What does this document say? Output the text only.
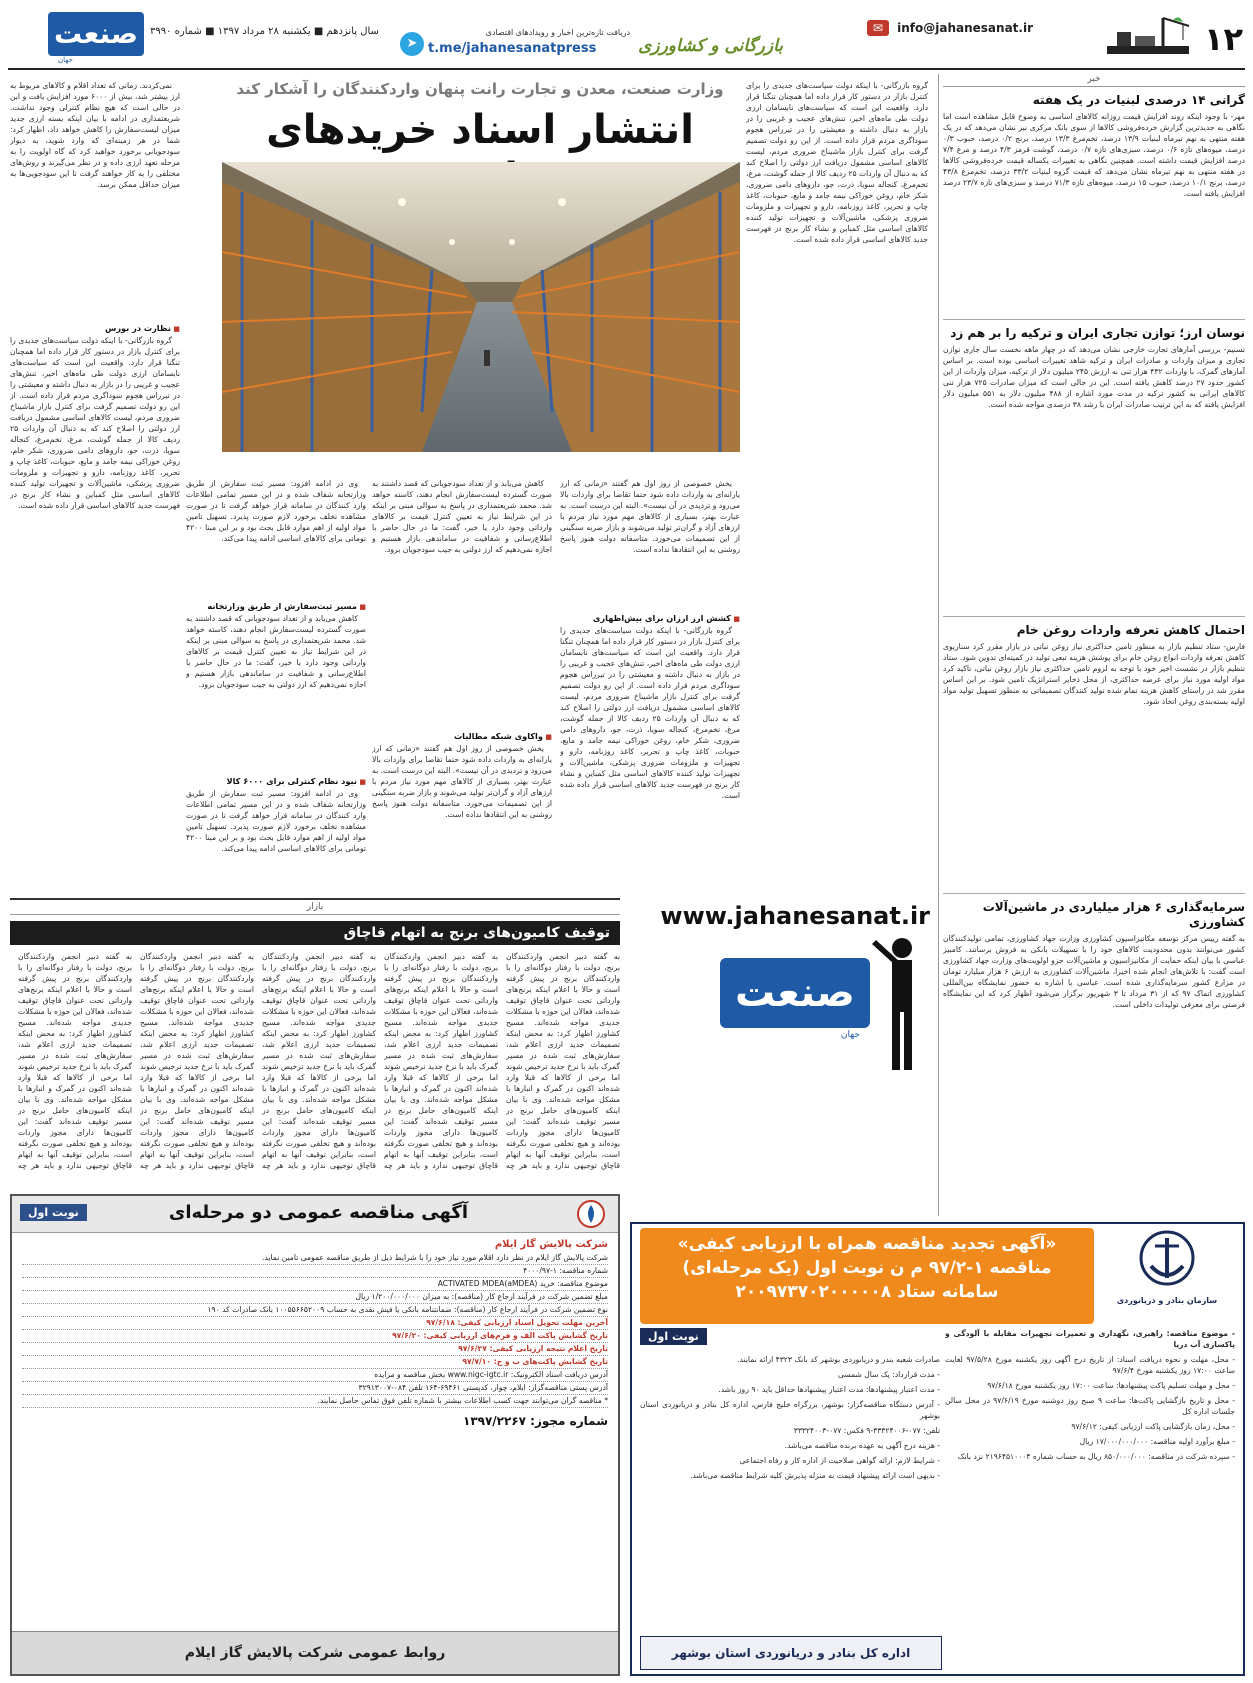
۱۲
بازرگانی و کشاورزی
✉ info@jahanesanat.ir
➤
دریافت تازه‌ترین اخبار و رویدادهای اقتصادی
t.me/jahanesanatpress
سال پانزدهم ■ یکشنبه ۲۸ مرداد ۱۳۹۷ ■ شماره ۳۹۹۰
صنعت
جهان
خبر
گرانی ۱۴ درصدی لبنیات در یک هفته
مهر- با وجود اینکه روند افزایش قیمت روزانه کالاهای اساسی به وضوح قابل مشاهده است اما نگاهی به جدیدترین گزارش خرده‌فروشی کالاها از سوی بانک مرکزی نیز نشان می‌دهد که در یک هفته منتهی به نهم تیرماه لبنیات ۱۳/۹ درصد، تخم‌مرغ ۱۳/۳ درصد، برنج ۰/۲ درصد، حبوب ۰/۳ درصد، میوه‌های تازه ۰/۶ درصد، سبزی‌های تازه ۰/۷ درصد، گوشت قرمز ۴/۳ درصد و مرغ ۷/۴ درصد افزایش قیمت داشته است. همچنین نگاهی به تغییرات یکساله قیمت خرده‌فروشی کالاها در هفته منتهی به نهم تیرماه نشان می‌دهد که قیمت گروه لبنیات ۳۳/۲ درصد، تخم‌مرغ ۴۳/۸ درصد، برنج ۱۰/۱ درصد، حبوب ۱۵ درصد، میوه‌های تازه ۷۱/۳ درصد و سبزی‌های تازه ۲۳/۷ درصد افزایش یافته است.
نوسان ارز؛ توازن تجاری ایران و ترکیه را بر هم زد
تسنیم- بررسی آمارهای تجارت خارجی نشان می‌دهد که در چهار ماهه نخست سال جاری توازن تجاری و میزان واردات و صادرات ایران و ترکیه شاهد تغییرات اساسی بوده است. بر اساس آمارهای گمرک، با واردات ۴۳۲ هزار تنی به ارزش ۲۴۵ میلیون دلار از ترکیه، میزان واردات از این کشور حدود ۲۷ درصد کاهش یافته است. این در حالی است که میزان صادرات ۷۲۵ هزار تنی کالاهای ایرانی به کشور ترکیه در مدت مورد اشاره از ۴۸۸ میلیون دلار به ۵۵۱ میلیون دلار افزایش یافته که به این ترتیب صادرات ایران با رشد ۳۸ درصدی مواجه شده است.
احتمال کاهش تعرفه واردات روغن خام
فارس- ستاد تنظیم بازار به منظور تامین حداکثری نیاز روغن نباتی در بازار مقرر کرد سناریوی کاهش تعرفه واردات انواع روغن خام برای پوشش هزینه تبعی تولید در کمیته‌ای تدوین شود. ستاد تنظیم بازار در نشست اخیر خود با توجه به لزوم تامین حداکثری نیاز بازار روغن نباتی، تاکید کرد مواد اولیه مورد نیاز برای عرضه حداکثری، از محل ذخایر استراتژیک تامین شود. بر این اساس مقرر شد در راستای کاهش هزینه تمام شده تولید کنندگان تصمیماتی به منظور تسهیل تولید مواد اولیه بسته‌بندی روغن اتخاذ شود.
سرمایه‌گذاری ۶ هزار میلیاردی در ماشین‌آلات کشاورزی
به گفته رییس مرکز توسعه مکانیزاسیون کشاورزی وزارت جهاد کشاورزی، تمامی تولیدکنندگان کشور می‌توانند بدون محدودیت کالاهای خود را با تسهیلات بانکی به فروش برسانند. کامبیز عباسی با بیان اینکه حمایت از مکانیزاسیون و ماشین‌آلات جزو اولویت‌های وزارت جهاد کشاورزی است گفت: با تلاش‌های انجام شده اخیرا، ماشین‌آلات کشاورزی به ارزش ۶ هزار میلیارد تومان در مزارع کشور سرمایه‌گذاری شده است. عباسی با اشاره به حضور نمایشگاه بین‌المللی کشاورزی اتماک ۹۷ که از ۳۱ مرداد تا ۳ شهریور برگزار می‌شود اظهار کرد که این نمایشگاه فرصتی برای معرفی تولیدات داخلی است.
وزارت صنعت، معدن و تجارت رانت پنهان واردکنندگان را آشکار کند
انتشار اسناد خریدهای
گروه بازرگانی- با اینکه دولت سیاست‌های جدیدی را برای کنترل بازار در دستور کار قرار داده اما همچنان تنگنا قرار دارد. واقعیت این است که سیاست‌های نابسامان ارزی دولت طی ماه‌های اخیر، تنش‌های عجیب و غریبی را در بازار به دنبال داشته و معیشتی را در تیرراس هجوم سوداگری مردم قرار داده است. از این رو دولت تصمیم گرفت برای کنترل بازار ماشیناخ ضروری مردم، لیست کالاهای اساسی مشمول دریافت ارز دولتی را اصلاح کند که به دنبال آن واردات ۲۵ ردیف کالا از جمله گوشت، مرغ، تخم‌مرغ، کنجاله سویا، ذرت، جو، داروهای دامی ضروری، شکر خام، روغن خوراکی نیمه جامد و مایع، حبوبات، کاغذ چاپ و تحریر، کاغذ روزنامه، دارو و تجهیزات و ملزومات ضروری پزشکی، ماشین‌آلات و تجهیزات تولید کننده کالاهای اساسی مثل کمباین و نشاء کار برنج در فهرست جدید کالاهای اساسی قرار داده شده است.
یخش خصوصی از روز اول هم گفتند «زمانی که ارز یارانه‌ای به واردات داده شود حتما تقاضا برای واردات بالا می‌رود و تردیدی در آن نیست». البته این درست است. به عبارت بهتر، بسیاری از کالاهای مهم مورد نیاز مردم با ارزهای آزاد و گران‌تر تولید می‌شوند و بازار ضربه سنگینی از این تصمیمات می‌خورد. متاسفانه دولت هنوز پاسخ روشنی به این انتقادها نداده است.
■ کشش ارز ارزان برای بیش‌اظهاری
گروه بازرگانی- با اینکه دولت سیاست‌های جدیدی را برای کنترل بازار در دستور کار قرار داده اما همچنان تنگنا قرار دارد. واقعیت این است که سیاست‌های نابسامان ارزی دولت طی ماه‌های اخیر، تنش‌های عجیب و غریبی را در بازار به دنبال داشته و معیشتی را در تیرراس هجوم سوداگری مردم قرار داده است. از این رو دولت تصمیم گرفت برای کنترل بازار ماشیناخ ضروری مردم، لیست کالاهای اساسی مشمول دریافت ارز دولتی را اصلاح کند که به دنبال آن واردات ۲۵ ردیف کالا از جمله گوشت، مرغ، تخم‌مرغ، کنجاله سویا، ذرت، جو، داروهای دامی ضروری، شکر خام، روغن خوراکی نیمه جامد و مایع، حبوبات، کاغذ چاپ و تحریر، کاغذ روزنامه، دارو و تجهیزات و ملزومات ضروری پزشکی، ماشین‌آلات و تجهیزات تولید کننده کالاهای اساسی مثل کمباین و نشاء کار برنج در فهرست جدید کالاهای اساسی قرار داده شده است.
کاهش می‌یابد و از تعداد سودجویانی که قصد داشتند به صورت گسترده لیست‌سفارش انجام دهند، کاسته خواهد شد. محمد شریعتمداری در پاسخ به سوالی مبنی بر اینکه در این شرایط نیاز به تعیین کنترل قیمت بر کالاهای وارداتی وجود دارد یا خیر، گفت: ما در حال حاضر با اطلاع‌رسانی و شفافیت در ساماندهی بازار هستیم و اجازه نمی‌دهیم که ارز دولتی به جیب سودجویان برود.
■ واکاوی شبکه مطالبات
یخش خصوصی از روز اول هم گفتند «زمانی که ارز یارانه‌ای به واردات داده شود حتما تقاضا برای واردات بالا می‌رود و تردیدی در آن نیست». البته این درست است. به عبارت بهتر، بسیاری از کالاهای مهم مورد نیاز مردم با ارزهای آزاد و گران‌تر تولید می‌شوند و بازار ضربه سنگینی از این تصمیمات می‌خورد. متاسفانه دولت هنوز پاسخ روشنی به این انتقادها نداده است.
وی در ادامه افزود: مسیر ثبت سفارش از طریق وزارتخانه شفاف شده و در این مسیر تمامی اطلاعات وارد کنندگان در سامانه قرار خواهد گرفت تا در صورت مشاهده تخلف برخورد لازم صورت پذیرد. تسهیل تامین مواد اولیه از اهم موارد قابل بحث بود و بر این مبنا ۴۲۰۰ تومانی برای کالاهای اساسی ادامه پیدا می‌کند.
■ مسیر ثبت‌سفارش از طریق وزارتخانه
کاهش می‌یابد و از تعداد سودجویانی که قصد داشتند به صورت گسترده لیست‌سفارش انجام دهند، کاسته خواهد شد. محمد شریعتمداری در پاسخ به سوالی مبنی بر اینکه در این شرایط نیاز به تعیین کنترل قیمت بر کالاهای وارداتی وجود دارد یا خیر، گفت: ما در حال حاضر با اطلاع‌رسانی و شفافیت در ساماندهی بازار هستیم و اجازه نمی‌دهیم که ارز دولتی به جیب سودجویان برود.
■ نبود نظام کنترلی برای ۶۰۰۰ کالا
وی در ادامه افزود: مسیر ثبت سفارش از طریق وزارتخانه شفاف شده و در این مسیر تمامی اطلاعات وارد کنندگان در سامانه قرار خواهد گرفت تا در صورت مشاهده تخلف برخورد لازم صورت پذیرد. تسهیل تامین مواد اولیه از اهم موارد قابل بحث بود و بر این مبنا ۴۲۰۰ تومانی برای کالاهای اساسی ادامه پیدا می‌کند.
نمی‌کردند. زمانی که تعداد اقلام و کالاهای مربوط به ارز بیشتر شد، بیش از ۶۰۰۰ مورد افزایش یافت و این در حالی است که هیچ نظام کنترلی وجود نداشت. شریعتمداری در ادامه با بیان اینکه بسته ارزی جدید میزان لیست‌سفارش را کاهش خواهد داد، اظهار کرد: شما در هر زمینه‌ای که وارد شوید، به دیوار سودجویانی برخورد خواهید کرد که گاه اولویت را به مرحله تعهد ارزی داده و در نظر می‌گیرند و روش‌های مختلفی را به کار خواهند گرفت تا این سودجویی‌ها به میزان حداقل ممکن برسد.
■ نظارت در بورس
گروه بازرگانی- با اینکه دولت سیاست‌های جدیدی را برای کنترل بازار در دستور کار قرار داده اما همچنان تنگنا قرار دارد. واقعیت این است که سیاست‌های نابسامان ارزی دولت طی ماه‌های اخیر، تنش‌های عجیب و غریبی را در بازار به دنبال داشته و معیشتی را در تیرراس هجوم سوداگری مردم قرار داده است. از این رو دولت تصمیم گرفت برای کنترل بازار ماشیناخ ضروری مردم، لیست کالاهای اساسی مشمول دریافت ارز دولتی را اصلاح کند که به دنبال آن واردات ۲۵ ردیف کالا از جمله گوشت، مرغ، تخم‌مرغ، کنجاله سویا، ذرت، جو، داروهای دامی ضروری، شکر خام، روغن خوراکی نیمه جامد و مایع، حبوبات، کاغذ چاپ و تحریر، کاغذ روزنامه، دارو و تجهیزات و ملزومات ضروری پزشکی، ماشین‌آلات و تجهیزات تولید کننده کالاهای اساسی مثل کمباین و نشاء کار برنج در فهرست جدید کالاهای اساسی قرار داده شده است.
www.jahanesanat.ir
صنعت
جهان
بازار
توقیف کامیون‌های برنج به اتهام قاچاق
به گفته دبیر انجمن واردکنندگان برنج، دولت با رفتار دوگانه‌ای را با واردکنندگان برنج در پیش گرفته است و حالا با اعلام اینکه برنج‌های وارداتی تحت عنوان قاچاق توقیف شده‌اند، فعالان این حوزه با مشکلات جدیدی مواجه شده‌اند. مسیح کشاورز اظهار کرد: به محض اینکه تصمیمات جدید ارزی اعلام شد، سفارش‌های ثبت شده در مسیر گمرک باید با نرخ جدید ترخیص شوند اما برخی از کالاها که قبلا وارد شده‌اند اکنون در گمرک و انبارها با مشکل مواجه شده‌اند. وی با بیان اینکه کامیون‌های حامل برنج در مسیر توقیف شده‌اند گفت: این کامیون‌ها دارای مجوز واردات بوده‌اند و هیچ تخلفی صورت نگرفته است، بنابراین توقیف آنها به اتهام قاچاق توجیهی ندارد و باید هر چه
به گفته دبیر انجمن واردکنندگان برنج، دولت با رفتار دوگانه‌ای را با واردکنندگان برنج در پیش گرفته است و حالا با اعلام اینکه برنج‌های وارداتی تحت عنوان قاچاق توقیف شده‌اند، فعالان این حوزه با مشکلات جدیدی مواجه شده‌اند. مسیح کشاورز اظهار کرد: به محض اینکه تصمیمات جدید ارزی اعلام شد، سفارش‌های ثبت شده در مسیر گمرک باید با نرخ جدید ترخیص شوند اما برخی از کالاها که قبلا وارد شده‌اند اکنون در گمرک و انبارها با مشکل مواجه شده‌اند. وی با بیان اینکه کامیون‌های حامل برنج در مسیر توقیف شده‌اند گفت: این کامیون‌ها دارای مجوز واردات بوده‌اند و هیچ تخلفی صورت نگرفته است، بنابراین توقیف آنها به اتهام قاچاق توجیهی ندارد و باید هر چه
به گفته دبیر انجمن واردکنندگان برنج، دولت با رفتار دوگانه‌ای را با واردکنندگان برنج در پیش گرفته است و حالا با اعلام اینکه برنج‌های وارداتی تحت عنوان قاچاق توقیف شده‌اند، فعالان این حوزه با مشکلات جدیدی مواجه شده‌اند. مسیح کشاورز اظهار کرد: به محض اینکه تصمیمات جدید ارزی اعلام شد، سفارش‌های ثبت شده در مسیر گمرک باید با نرخ جدید ترخیص شوند اما برخی از کالاها که قبلا وارد شده‌اند اکنون در گمرک و انبارها با مشکل مواجه شده‌اند. وی با بیان اینکه کامیون‌های حامل برنج در مسیر توقیف شده‌اند گفت: این کامیون‌ها دارای مجوز واردات بوده‌اند و هیچ تخلفی صورت نگرفته است، بنابراین توقیف آنها به اتهام قاچاق توجیهی ندارد و باید هر چه
به گفته دبیر انجمن واردکنندگان برنج، دولت با رفتار دوگانه‌ای را با واردکنندگان برنج در پیش گرفته است و حالا با اعلام اینکه برنج‌های وارداتی تحت عنوان قاچاق توقیف شده‌اند، فعالان این حوزه با مشکلات جدیدی مواجه شده‌اند. مسیح کشاورز اظهار کرد: به محض اینکه تصمیمات جدید ارزی اعلام شد، سفارش‌های ثبت شده در مسیر گمرک باید با نرخ جدید ترخیص شوند اما برخی از کالاها که قبلا وارد شده‌اند اکنون در گمرک و انبارها با مشکل مواجه شده‌اند. وی با بیان اینکه کامیون‌های حامل برنج در مسیر توقیف شده‌اند گفت: این کامیون‌ها دارای مجوز واردات بوده‌اند و هیچ تخلفی صورت نگرفته است، بنابراین توقیف آنها به اتهام قاچاق توجیهی ندارد و باید هر چه
به گفته دبیر انجمن واردکنندگان برنج، دولت با رفتار دوگانه‌ای را با واردکنندگان برنج در پیش گرفته است و حالا با اعلام اینکه برنج‌های وارداتی تحت عنوان قاچاق توقیف شده‌اند، فعالان این حوزه با مشکلات جدیدی مواجه شده‌اند. مسیح کشاورز اظهار کرد: به محض اینکه تصمیمات جدید ارزی اعلام شد، سفارش‌های ثبت شده در مسیر گمرک باید با نرخ جدید ترخیص شوند اما برخی از کالاها که قبلا وارد شده‌اند اکنون در گمرک و انبارها با مشکل مواجه شده‌اند. وی با بیان اینکه کامیون‌های حامل برنج در مسیر توقیف شده‌اند گفت: این کامیون‌ها دارای مجوز واردات بوده‌اند و هیچ تخلفی صورت نگرفته است، بنابراین توقیف آنها به اتهام قاچاق توجیهی ندارد و باید هر چه
آگهی مناقصه عمومی دو مرحله‌ای
نوبت اول
شرکت پالایش گاز ایلام
شرکت پالایش گاز ایلام در نظر دارد اقلام مورد نیاز خود را با شرایط ذیل از طریق مناقصه عمومی تامین نماید.
شماره مناقصه: ۱-۴۰۰۰/۹۷
موضوع مناقصه: خرید ACTIVATED MDEA(aMDEA)
مبلغ تضمین شرکت در فرآیند ارجاع کار (مناقصه): به میزان ۱/۲۰۰/۰۰۰/۰۰۰ ریال
نوع تضمین شرکت در فرآیند ارجاع کار (مناقصه): ضمانتنامه بانکی یا فیش نقدی به حساب ۱۰۰۵۵۶۶۵۲۰۰۹ بانک صادرات کد ۱۹۰
آخرین مهلت تحویل اسناد ارزیابی کیفی: ۹۷/۶/۱۸
تاریخ گشایش پاکت الف و فرم‌های ارزیابی کیفی: ۹۷/۶/۲۰
تاریخ اعلام نتیجه ارزیابی کیفی: ۹۷/۶/۲۷
تاریخ گشایش پاکت‌های ب و ج: ۹۷/۷/۱۰
آدرس دریافت اسناد الکترونیک: www.nigc-igtc.ir بخش مناقصه و مزایده
آدرس پستی مناقصه‌گزار: ایلام، چوار، کدپستی ۶۹۴۶۱-۱۶۴ تلفن ۰۸۴-۳۲۹۱۳۰۰۷
* مناقصه گران می‌توانند جهت کسب اطلاعات بیشتر با شماره تلفن فوق تماس حاصل نمایند.
شماره مجوز: ۱۳۹۷/۲۲۶۷
روابط عمومی شرکت پالایش گاز ایلام
«آگهی تجدید مناقصه همراه با ارزیابی کیفی»
مناقصه ۱-۹۷/۲ م ن نوبت اول (یک مرحله‌ای)
سامانه ستاد ۲۰۰۹۷۳۷۰۲۰۰۰۰۰۸	سازمان بنادر و دریانوردی
نوبت اول	- موضوع مناقصه: راهبری، نگهداری و تعمیرات تجهیزات مقابله با آلودگی و پاکسازی آب دریا
- محل، مهلت و نحوه دریافت اسناد: از تاریخ درج آگهی روز یکشنبه مورخ ۹۷/۵/۲۸ لغایت ساعت ۱۷:۰۰ روز یکشنبه مورخ ۹۷/۶/۴
- محل و مهلت تسلیم پاکت پیشنهادها: ساعت ۱۷:۰۰ روز یکشنبه مورخ ۹۷/۶/۱۸
- محل و تاریخ بازگشایی پاکت‌ها: ساعت ۹ صبح روز دوشنبه مورخ ۹۷/۶/۱۹ در محل سالن جلسات اداره کل
- محل، زمان بازگشایی پاکت ارزیابی کیفی: ۹۷/۶/۱۲
- مبلغ برآورد اولیه مناقصه: ۱۷/۰۰۰/۰۰۰/۰۰۰ ریال
- سپرده شرکت در مناقصه: ۸۵۰/۰۰۰/۰۰۰ ریال به حساب شماره ۲۱۹۶۴۵۱۰۰۰۴ نزد بانک
صادرات شعبه بندر و دریانوردی بوشهر کد بانک ۴۳۲۳ ارائه نمایند.
- مدت قرارداد: یک سال شمسی
- مدت اعتبار پیشنهادها: مدت اعتبار پیشنهادها حداقل باید ۹۰ روز باشد.
- آدرس دستگاه مناقصه‌گزار: بوشهر، بزرگراه خلیج فارس، اداره کل بنادر و دریانوردی استان بوشهر
تلفن: ۰۷۷-۳۳۳۲۴۰۰۶-۹ فکس: ۰۷۷-۳۳۳۲۴۰۰۳
- هزینه درج آگهی به عهده برنده مناقصه می‌باشد.
- شرایط لازم: ارائه گواهی صلاحیت از اداره کار و رفاه اجتماعی
- بدیهی است ارائه پیشنهاد قیمت به منزله پذیرش کلیه شرایط مناقصه می‌باشد.
اداره کل بنادر و دریانوردی استان بوشهر
